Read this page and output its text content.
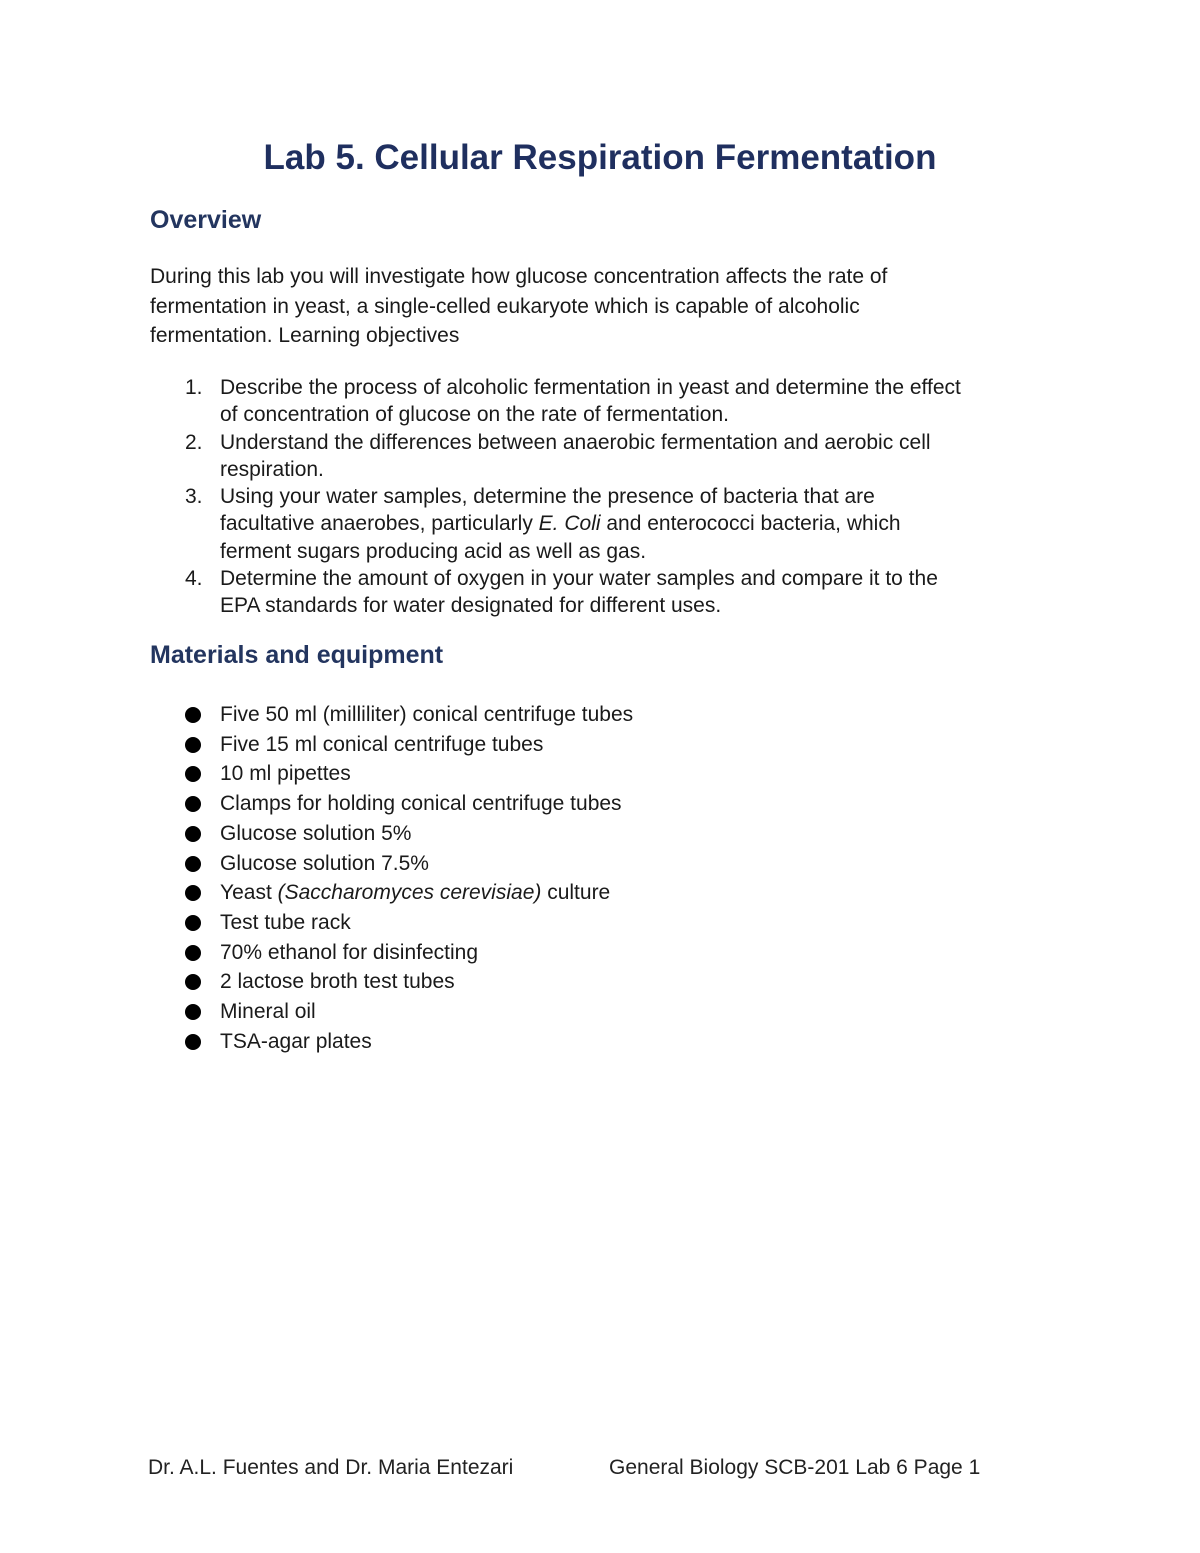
Lab 5. Cellular Respiration Fermentation
Overview
During this lab you will investigate how glucose concentration affects the rate of
fermentation in yeast, a single-celled eukaryote which is capable of alcoholic
fermentation. Learning objectives
1. Describe the process of alcoholic fermentation in yeast and determine the effect
of concentration of glucose on the rate of fermentation.
2. Understand the differences between anaerobic fermentation and aerobic cell
respiration.
3. Using your water samples, determine the presence of bacteria that are
facultative anaerobes, particularly E. Coli and enterococci bacteria, which
ferment sugars producing acid as well as gas.
4. Determine the amount of oxygen in your water samples and compare it to the
EPA standards for water designated for different uses.
Materials and equipment
Five 50 ml (milliliter) conical centrifuge tubes
Five 15 ml conical centrifuge tubes
10 ml pipettes
Clamps for holding conical centrifuge tubes
Glucose solution 5%
Glucose solution 7.5%
Yeast (Saccharomyces cerevisiae) culture
Test tube rack
70% ethanol for disinfecting
2 lactose broth test tubes
Mineral oil
TSA-agar plates
Dr. A.L. Fuentes and Dr. Maria Entezari	General Biology SCB-201 Lab 6 Page 1
